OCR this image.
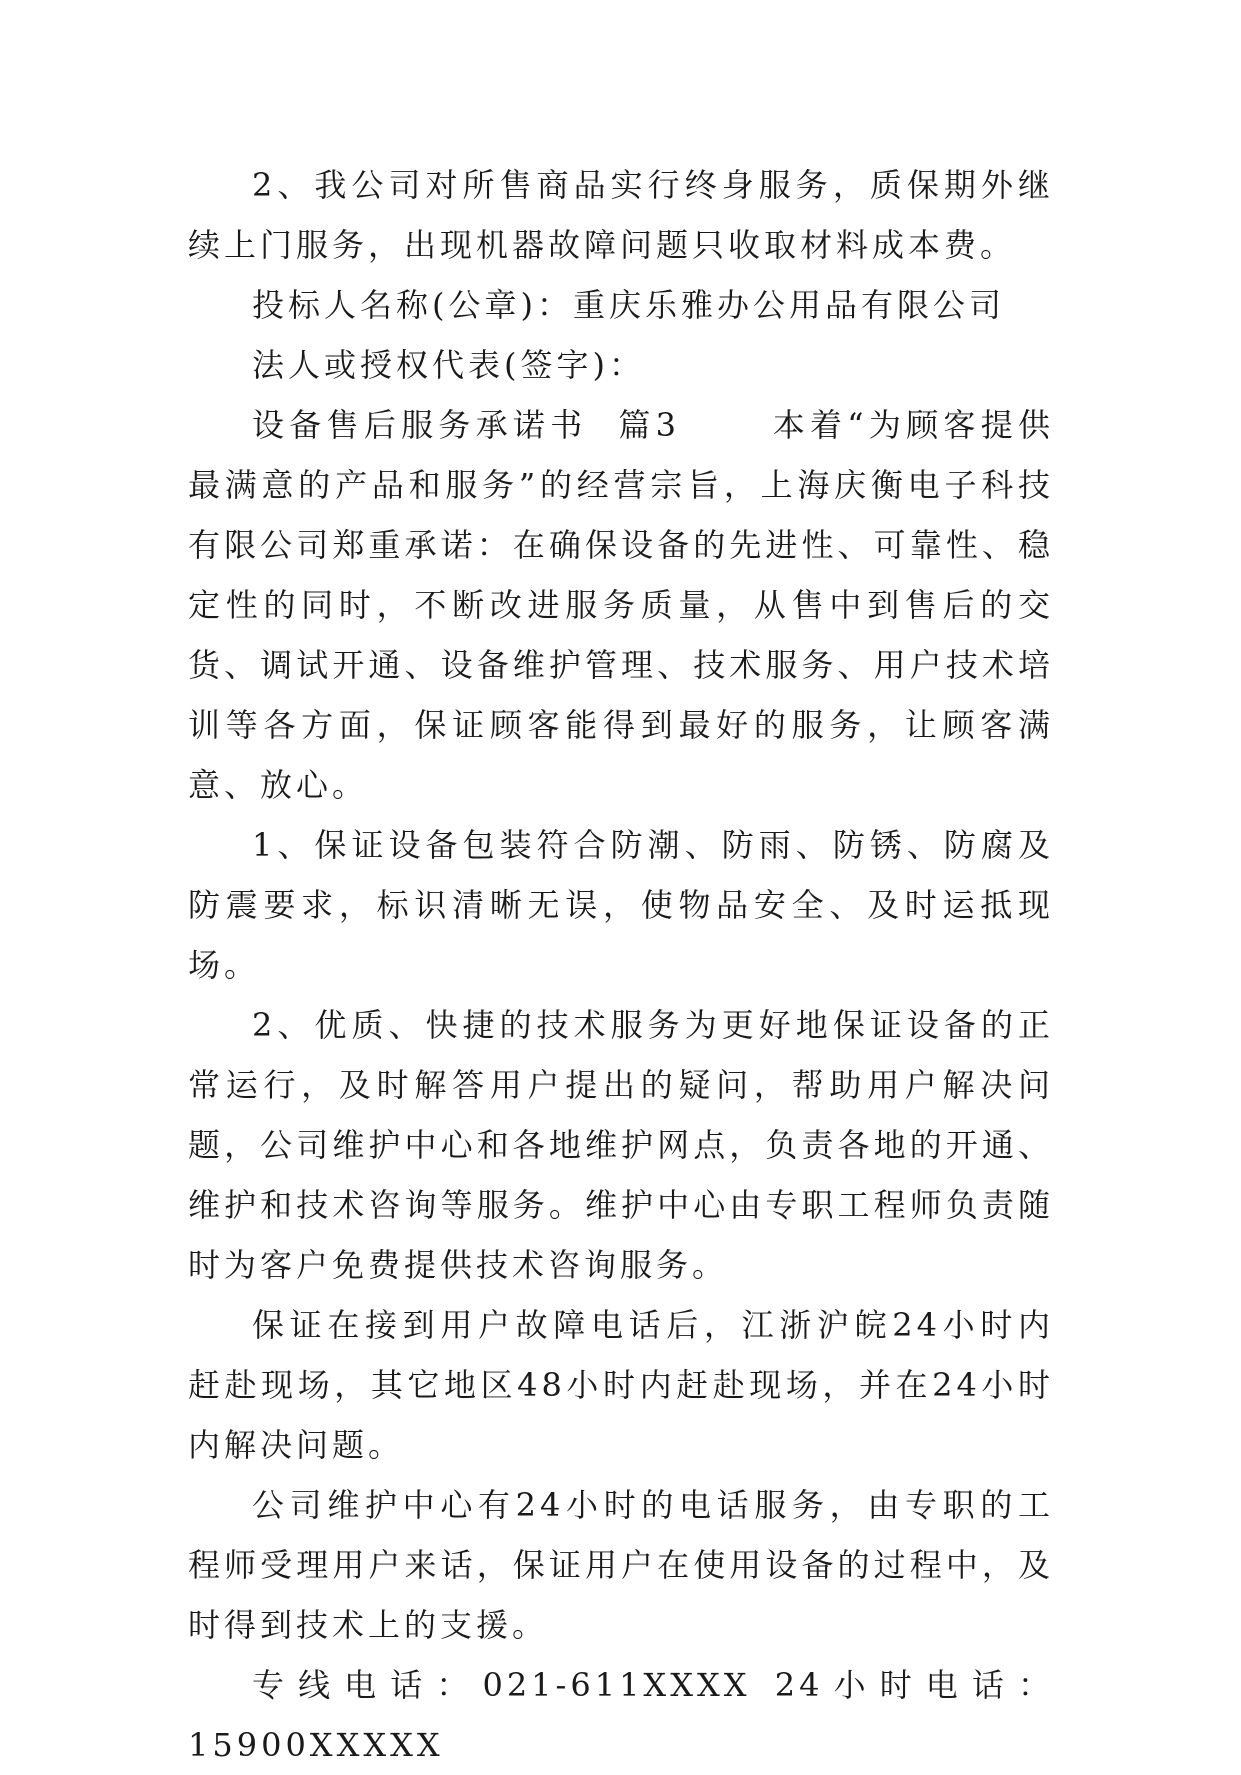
2、我公司对所售商品实行终身服务，质保期外继续上门服务，出现机器故障问题只收取材料成本费。

投标人名称(公章)：重庆乐雅办公用品有限公司

法人或授权代表(签字)：

设备售后服务承诺书  篇3      本着“为顾客提供最满意的产品和服务”的经营宗旨，上海庆衡电子科技有限公司郑重承诺：在确保设备的先进性、可靠性、稳定性的同时，不断改进服务质量，从售中到售后的交货、调试开通、设备维护管理、技术服务、用户技术培训等各方面，保证顾客能得到最好的服务，让顾客满意、放心。

1、保证设备包装符合防潮、防雨、防锈、防腐及防震要求，标识清晰无误，使物品安全、及时运抵现场。

2、优质、快捷的技术服务为更好地保证设备的正常运行，及时解答用户提出的疑问，帮助用户解决问题，公司维护中心和各地维护网点，负责各地的开通、维护和技术咨询等服务。维护中心由专职工程师负责随时为客户免费提供技术咨询服务。

保证在接到用户故障电话后，江浙沪皖24小时内赶赴现场，其它地区48小时内赶赴现场，并在24小时内解决问题。

公司维护中心有24小时的电话服务，由专职的工程师受理用户来话，保证用户在使用设备的过程中，及时得到技术上的支援。

专线电话：021-611XXXX 24小时电话：15900XXXXX
